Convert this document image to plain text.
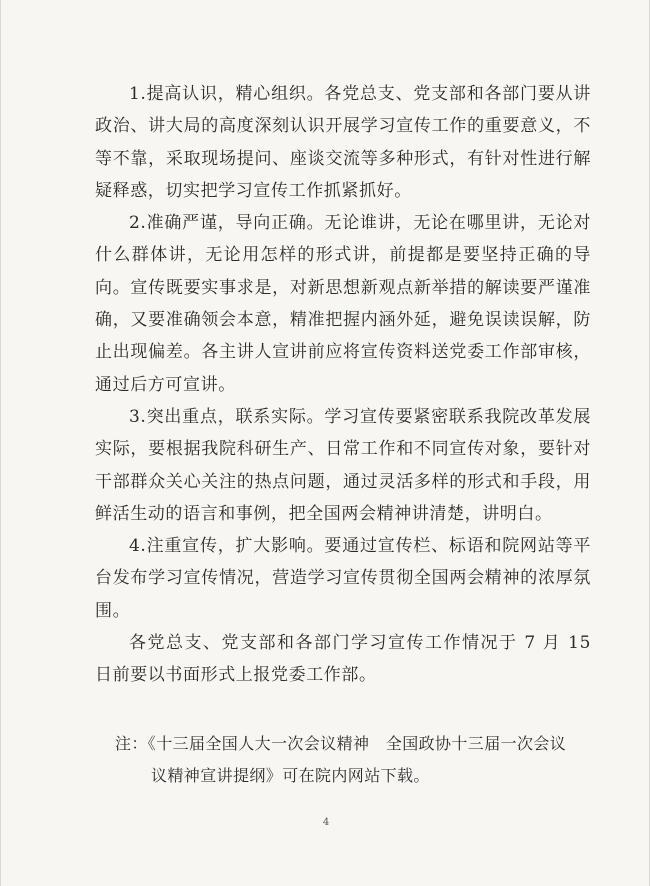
1.提高认识，精心组织。各党总支、党支部和各部门要从讲政治、讲大局的高度深刻认识开展学习宣传工作的重要意义，不等不靠，采取现场提问、座谈交流等多种形式，有针对性进行解疑释惑，切实把学习宣传工作抓紧抓好。

2.准确严谨，导向正确。无论谁讲，无论在哪里讲，无论对什么群体讲，无论用怎样的形式讲，前提都是要坚持正确的导向。宣传既要实事求是，对新思想新观点新举措的解读要严谨准确，又要准确领会本意，精准把握内涵外延，避免误读误解，防止出现偏差。各主讲人宣讲前应将宣传资料送党委工作部审核，通过后方可宣讲。

3.突出重点，联系实际。学习宣传要紧密联系我院改革发展实际，要根据我院科研生产、日常工作和不同宣传对象，要针对干部群众关心关注的热点问题，通过灵活多样的形式和手段，用鲜活生动的语言和事例，把全国两会精神讲清楚，讲明白。

4.注重宣传，扩大影响。要通过宣传栏、标语和院网站等平台发布学习宣传情况，营造学习宣传贯彻全国两会精神的浓厚氛围。

各党总支、党支部和各部门学习宣传工作情况于 7 月 15 日前要以书面形式上报党委工作部。

注：《十三届全国人大一次会议精神　全国政协十三届一次会议

议精神宣讲提纲》可在院内网站下载。

4
